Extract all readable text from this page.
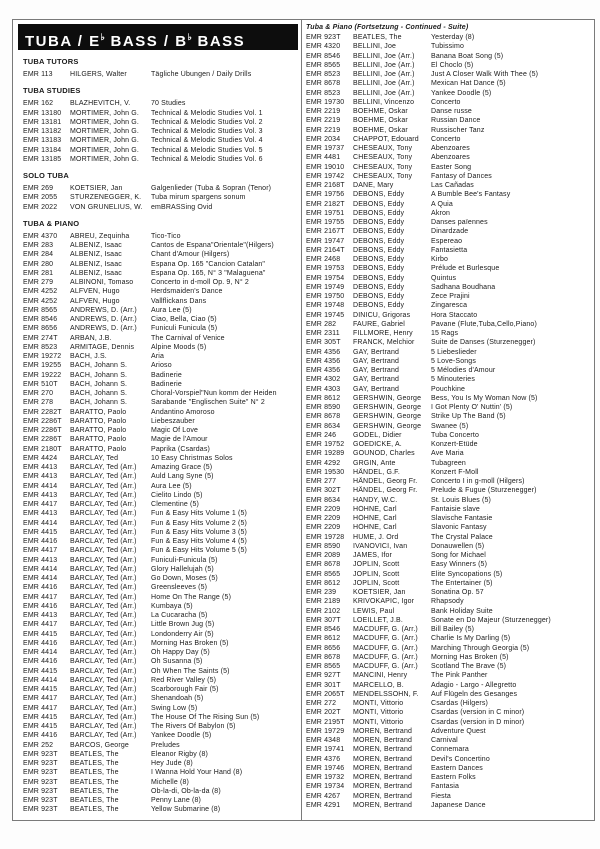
TUBA / E♭ BASS / B♭ BASS
TUBA TUTORS
EMR 113	HILGERS, Walter	Tägliche Übungen / Daily Drills
TUBA STUDIES
EMR 162	BLAZHEVITCH, V.	70 Studies
EMR 13180	MORTIMER, John G.	Technical & Melodic Studies Vol. 1
EMR 13181	MORTIMER, John G.	Technical & Melodic Studies Vol. 2
EMR 13182	MORTIMER, John G.	Technical & Melodic Studies Vol. 3
EMR 13183	MORTIMER, John G.	Technical & Melodic Studies Vol. 4
EMR 13184	MORTIMER, John G.	Technical & Melodic Studies Vol. 5
EMR 13185	MORTIMER, John G.	Technical & Melodic Studies Vol. 6
SOLO TUBA
EMR 269	KOETSIER, Jan	Galgenlieder (Tuba & Sopran (Tenor)
EMR 2055	STURZENEGGER, K.	Tuba mirum spargens sonum
EMR 2022	VON GRUNELIUS, W.	emBRASSing Ovid
TUBA & PIANO
EMR 4370	ABREU, Zequinha	Tico-Tico
EMR 283	ALBENIZ, Isaac	Cantos de Espana"Orientale"(Hilgers)
EMR 284	ALBENIZ, Isaac	Chant d'Amour (Hilgers)
EMR 280	ALBENIZ, Isaac	Espana Op. 165 "Cancion Catalan"
EMR 281	ALBENIZ, Isaac	Espana Op. 165, N° 3 "Malaguena"
EMR 279	ALBINONI, Tomaso	Concerto in d-moll Op. 9, N° 2
EMR 4252	ALFVEN, Hugo	Herdsmaiden's Dance
EMR 4252	ALFVEN, Hugo	Vallflickans Dans
EMR 8565	ANDREWS, D. (Arr.)	Aura Lee (5)
EMR 8546	ANDREWS, D. (Arr.)	Ciao, Bella, Ciao (5)
EMR 8656	ANDREWS, D. (Arr.)	Funiculi Funicula (5)
EMR 274T	ARBAN, J.B.	The Carnival of Venice
EMR 8523	ARMITAGE, Dennis	Alpine Moods (5)
EMR 19272	BACH, J.S.	Aria
EMR 19255	BACH, Johann S.	Arioso
EMR 19222	BACH, Johann S.	Badinerie
EMR 510T	BACH, Johann S.	Badinerie
EMR 270	BACH, Johann S.	Choral-Vorspiel"Nun komm der Heiden
EMR 278	BACH, Johann S.	Sarabande "Englischen Suite" N° 2
EMR 2282T	BARATTO, Paolo	Andantino Amoroso
EMR 2286T	BARATTO, Paolo	Liebeszauber
EMR 2286T	BARATTO, Paolo	Magic Of Love
EMR 2286T	BARATTO, Paolo	Magie de l'Amour
EMR 2180T	BARATTO, Paolo	Paprika (Csardas)
EMR 4424	BARCLAY, Ted	10 Easy Christmas Solos
EMR 4413	BARCLAY, Ted (Arr.)	Amazing Grace (5)
EMR 4413	BARCLAY, Ted (Arr.)	Auld Lang Syne (5)
EMR 4414	BARCLAY, Ted (Arr.)	Aura Lee (5)
EMR 4413	BARCLAY, Ted (Arr.)	Cielito Lindo (5)
EMR 4417	BARCLAY, Ted (Arr.)	Clementine (5)
EMR 4413	BARCLAY, Ted (Arr.)	Fun & Easy Hits Volume 1 (5)
EMR 4414	BARCLAY, Ted (Arr.)	Fun & Easy Hits Volume 2 (5)
EMR 4415	BARCLAY, Ted (Arr.)	Fun & Easy Hits Volume 3 (5)
EMR 4416	BARCLAY, Ted (Arr.)	Fun & Easy Hits Volume 4 (5)
EMR 4417	BARCLAY, Ted (Arr.)	Fun & Easy Hits Volume 5 (5)
EMR 4413	BARCLAY, Ted (Arr.)	Funiculi-Funicula (5)
EMR 4414	BARCLAY, Ted (Arr.)	Glory Hallelujah (5)
EMR 4414	BARCLAY, Ted (Arr.)	Go Down, Moses (5)
EMR 4416	BARCLAY, Ted (Arr.)	Greensleeves (5)
EMR 4417	BARCLAY, Ted (Arr.)	Home On The Range (5)
EMR 4416	BARCLAY, Ted (Arr.)	Kumbaya (5)
EMR 4413	BARCLAY, Ted (Arr.)	La Cucaracha (5)
EMR 4417	BARCLAY, Ted (Arr.)	Little Brown Jug (5)
EMR 4415	BARCLAY, Ted (Arr.)	Londonderry Air (5)
EMR 4416	BARCLAY, Ted (Arr.)	Morning Has Broken (5)
EMR 4414	BARCLAY, Ted (Arr.)	Oh Happy Day (5)
EMR 4416	BARCLAY, Ted (Arr.)	Oh Susanna (5)
EMR 4415	BARCLAY, Ted (Arr.)	Oh When The Saints (5)
EMR 4414	BARCLAY, Ted (Arr.)	Red River Valley (5)
EMR 4415	BARCLAY, Ted (Arr.)	Scarborough Fair (5)
EMR 4417	BARCLAY, Ted (Arr.)	Shenandoah (5)
EMR 4417	BARCLAY, Ted (Arr.)	Swing Low (5)
EMR 4415	BARCLAY, Ted (Arr.)	The House Of The Rising Sun (5)
EMR 4415	BARCLAY, Ted (Arr.)	The Rivers Of Babylon (5)
EMR 4416	BARCLAY, Ted (Arr.)	Yankee Doodle (5)
EMR 252	BARCOS, George	Preludes
EMR 923T	BEATLES, The	Eleanor Rigby (8)
EMR 923T	BEATLES, The	Hey Jude (8)
EMR 923T	BEATLES, The	I Wanna Hold Your Hand (8)
EMR 923T	BEATLES, The	Michelle (8)
EMR 923T	BEATLES, The	Ob-la-di, Ob-la-da (8)
EMR 923T	BEATLES, The	Penny Lane (8)
EMR 923T	BEATLES, The	Yellow Submarine (8)
Tuba & Piano (Fortsetzung - Continued - Suite)
EMR 923T	BEATLES, The	Yesterday (8)
EMR 4320	BELLINI, Joe	Tubissimo
EMR 8546	BELLINI, Joe (Arr.)	Banana Boat Song (5)
EMR 8565	BELLINI, Joe (Arr.)	El Choclo (5)
EMR 8523	BELLINI, Joe (Arr.)	Just A Closer Walk With Thee (5)
EMR 8678	BELLINI, Joe (Arr.)	Mexican Hat Dance (5)
EMR 8523	BELLINI, Joe (Arr.)	Yankee Doodle (5)
EMR 19730	BELLINI, Vincenzo	Concerto
EMR 2219	BOEHME, Oskar	Danse russe
EMR 2219	BOEHME, Oskar	Russian Dance
EMR 2219	BOEHME, Oskar	Russischer Tanz
EMR 2034	CHAPPOT, Edouard	Concerto
EMR 19737	CHESEAUX, Tony	Abenzoares
EMR 4481	CHESEAUX, Tony	Abenzoares
EMR 19010	CHESEAUX, Tony	Easter Song
EMR 19742	CHESEAUX, Tony	Fantasy of Dances
EMR 2168T	DANE, Mary	Las Cañadas
EMR 19756	DEBONS, Eddy	A Bumble Bee's Fantasy
EMR 2182T	DEBONS, Eddy	A Quia
EMR 19751	DEBONS, Eddy	Akron
EMR 19755	DEBONS, Eddy	Danses païennes
EMR 2167T	DEBONS, Eddy	Dinardzade
EMR 19747	DEBONS, Eddy	Espereao
EMR 2164T	DEBONS, Eddy	Fantasietta
EMR 2468	DEBONS, Eddy	Kirbo
EMR 19753	DEBONS, Eddy	Prélude et Burlesque
EMR 19754	DEBONS, Eddy	Quintus
EMR 19749	DEBONS, Eddy	Sadhana Boudhana
EMR 19750	DEBONS, Eddy	Zece Prajini
EMR 19748	DEBONS, Eddy	Zingaresca
EMR 19745	DINICU, Grigoras	Hora Staccato
EMR 282	FAURE, Gabriel	Pavane (Flute,Tuba,Cello,Piano)
EMR 2311	FILLMORE, Henry	15 Rags
EMR 305T	FRANCK, Melchior	Suite de Danses (Sturzenegger)
EMR 4356	GAY, Bertrand	5 Liebeslieder
EMR 4356	GAY, Bertrand	5 Love-Songs
EMR 4356	GAY, Bertrand	5 Mélodies d'Amour
EMR 4302	GAY, Bertrand	5 Minouteries
EMR 4303	GAY, Bertrand	Pouchkine
EMR 8612	GERSHWIN, George	Bess, You Is My Woman Now (5)
EMR 8590	GERSHWIN, George	I Got Plenty O' Nuttin' (5)
EMR 8678	GERSHWIN, George	Strike Up The Band (5)
EMR 8634	GERSHWIN, George	Swanee (5)
EMR 246	GODEL, Didier	Tuba Concerto
EMR 19752	GOEDICKE, A.	Konzert-Etüde
EMR 19289	GOUNOD, Charles	Ave Maria
EMR 4292	GRGIN, Ante	Tubagreen
EMR 19530	HÄNDEL, G.F.	Konzert F-Moll
EMR 277	HÄNDEL, Georg Fr.	Concerto I in g-moll (Hilgers)
EMR 302T	HÄNDEL, Georg Fr.	Prelude & Fugue (Sturzenegger)
EMR 8634	HANDY, W.C.	St. Louis Blues (5)
EMR 2209	HÖHNE, Carl	Fantaisie slave
EMR 2209	HÖHNE, Carl	Slavische Fantasie
EMR 2209	HÖHNE, Carl	Slavonic Fantasy
EMR 19728	HUME, J. Ord	The Crystal Palace
EMR 8590	IVANOVICI, Ivan	Donauwellen (5)
EMR 2089	JAMES, Ifor	Song for Michael
EMR 8678	JOPLIN, Scott	Easy Winners (5)
EMR 8565	JOPLIN, Scott	Elite Syncopations (5)
EMR 8612	JOPLIN, Scott	The Entertainer (5)
EMR 239	KOETSIER, Jan	Sonatina Op. 57
EMR 2189	KRIVOKAPIC, Igor	Rhapsody
EMR 2102	LEWIS, Paul	Bank Holiday Suite
EMR 307T	LOEILLET, J.B.	Sonate en Do Majeur (Sturzenegger)
EMR 8546	MACDUFF, G. (Arr.)	Bill Bailey (5)
EMR 8612	MACDUFF, G. (Arr.)	Charlie Is My Darling (5)
EMR 8656	MACDUFF, G. (Arr.)	Marching Through Georgia (5)
EMR 8678	MACDUFF, G. (Arr.)	Morning Has Broken (5)
EMR 8565	MACDUFF, G. (Arr.)	Scotland The Brave (5)
EMR 927T	MANCINI, Henry	The Pink Panther
EMR 301T	MARCELLO, B.	Adagio - Largo - Allegretto
EMR 2065T	MENDELSSOHN, F.	Auf Flügeln des Gesanges
EMR 272	MONTI, Vittorio	Csardas (Hilgers)
EMR 202T	MONTI, Vittorio	Csardas (version in C minor)
EMR 2195T	MONTI, Vittorio	Csardas (version in D minor)
EMR 19729	MOREN, Bertrand	Adventure Quest
EMR 4348	MOREN, Bertrand	Carnival
EMR 19741	MOREN, Bertrand	Connemara
EMR 4376	MOREN, Bertrand	Devil's Concertino
EMR 19746	MOREN, Bertrand	Eastern Dances
EMR 19732	MOREN, Bertrand	Eastern Folks
EMR 19734	MOREN, Bertrand	Fantasia
EMR 4267	MOREN, Bertrand	Fiesta
EMR 4291	MOREN, Bertrand	Japanese Dance
